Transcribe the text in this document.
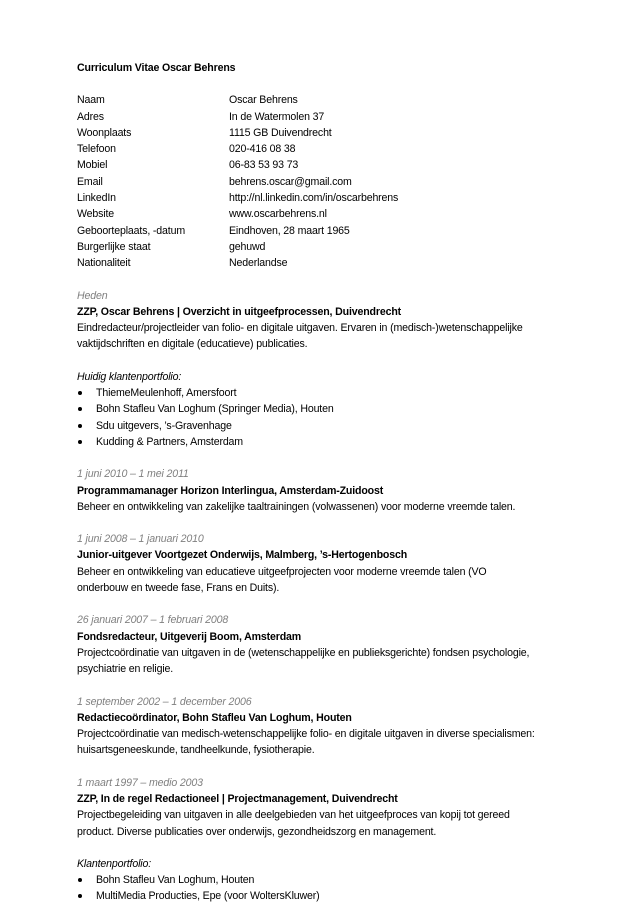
Curriculum Vitae Oscar Behrens
Naam	Oscar Behrens
Adres	In de Watermolen 37
Woonplaats	1115 GB Duivendrecht
Telefoon	020-416 08 38
Mobiel	06-83 53 93 73
Email	behrens.oscar@gmail.com
LinkedIn	http://nl.linkedin.com/in/oscarbehrens
Website	www.oscarbehrens.nl
Geboorteplaats, -datum	Eindhoven, 28 maart 1965
Burgerlijke staat	gehuwd
Nationaliteit	Nederlandse
Heden
ZZP, Oscar Behrens | Overzicht in uitgeefprocessen, Duivendrecht
Eindredacteur/projectleider van folio- en digitale uitgaven. Ervaren in (medisch-)wetenschappelijke
vaktijdschriften en digitale (educatieve) publicaties.
Huidig klantenportfolio:
ThiemeMeulenhoff, Amersfoort
Bohn Stafleu Van Loghum (Springer Media), Houten
Sdu uitgevers, ’s-Gravenhage
Kudding & Partners, Amsterdam
1 juni 2010 – 1 mei 2011
Programmamanager Horizon Interlingua, Amsterdam-Zuidoost
Beheer en ontwikkeling van zakelijke taaltrainingen (volwassenen) voor moderne vreemde talen.
1 juni 2008 – 1 januari 2010
Junior-uitgever Voortgezet Onderwijs, Malmberg, ’s-Hertogenbosch
Beheer en ontwikkeling van educatieve uitgeefprojecten voor moderne vreemde talen (VO
onderbouw en tweede fase, Frans en Duits).
26 januari 2007 – 1 februari 2008
Fondsredacteur, Uitgeverij Boom, Amsterdam
Projectcoördinatie van uitgaven in de (wetenschappelijke en publieksgerichte) fondsen psychologie,
psychiatrie en religie.
1 september 2002 – 1 december 2006
Redactiecoördinator, Bohn Stafleu Van Loghum, Houten
Projectcoördinatie van medisch-wetenschappelijke folio- en digitale uitgaven in diverse specialismen:
huisartsgeneeskunde, tandheelkunde, fysiotherapie.
1 maart 1997 – medio 2003
ZZP, In de regel Redactioneel | Projectmanagement, Duivendrecht
Projectbegeleiding van uitgaven in alle deelgebieden van het uitgeefproces van kopij tot gereed
product. Diverse publicaties over onderwijs, gezondheidszorg en management.
Klantenportfolio:
Bohn Stafleu Van Loghum, Houten
MultiMedia Producties, Epe (voor WoltersKluwer)
